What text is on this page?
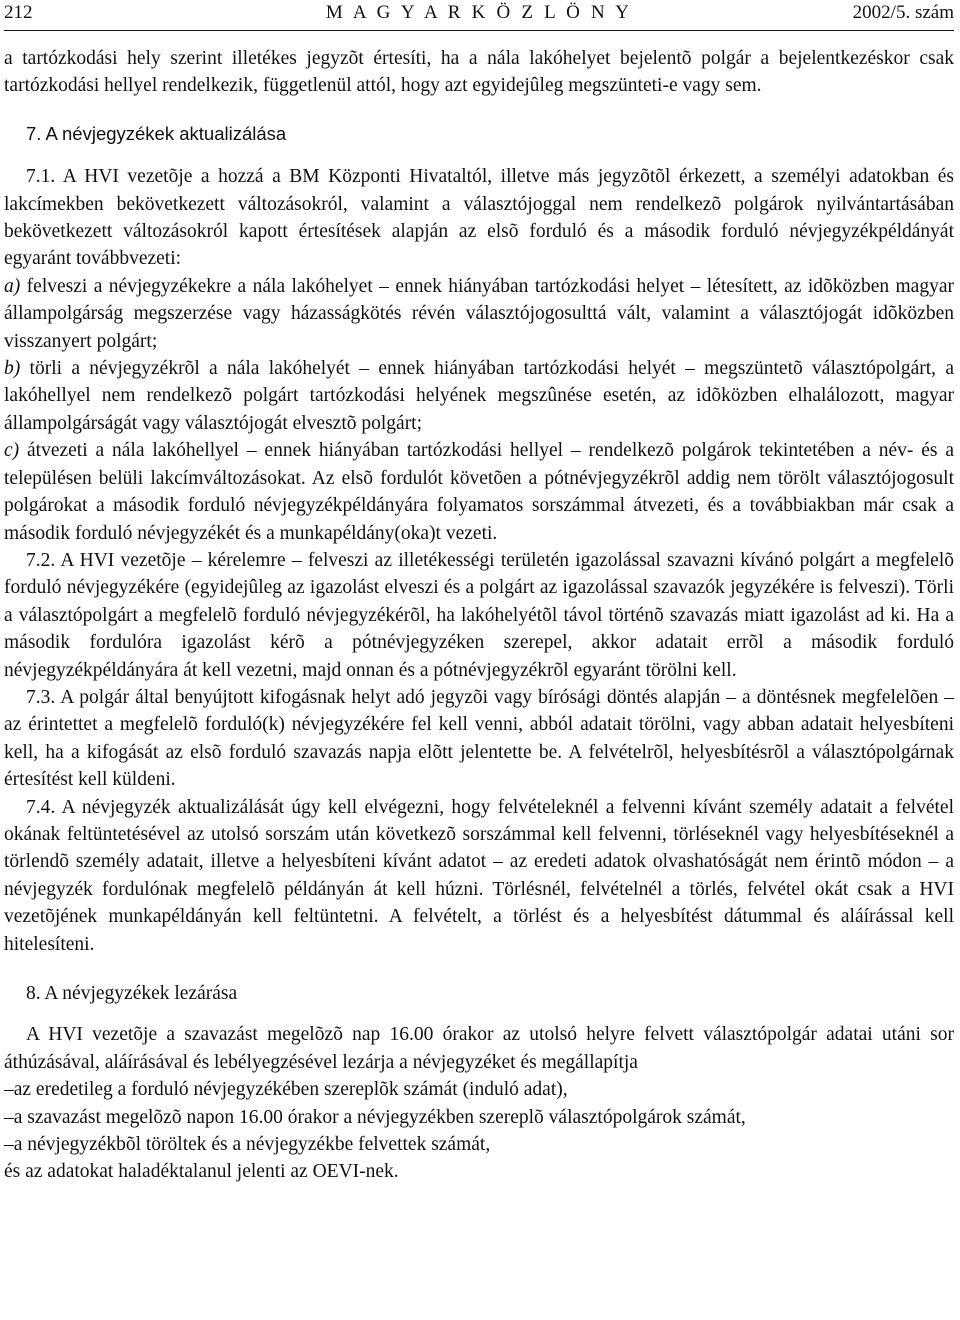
212	M A G Y A R K Ö Z L Ö N Y	2002/5. szám

a tartózkodási hely szerint illetékes jegyzõt értesíti, ha a nála lakóhelyet bejelentõ polgár a bejelentkezéskor csak tartózkodási hellyel rendelkezik, függetlenül attól, hogy azt egyidejûleg megszünteti-e vagy sem.

7. A névjegyzékek aktualizálása

7.1. A HVI vezetõje a hozzá a BM Központi Hivataltól, illetve más jegyzõtõl érkezett, a személyi adatokban és lakcímekben bekövetkezett változásokról, valamint a választójoggal nem rendelkezõ polgárok nyilvántartásában bekövetkezett változásokról kapott értesítések alapján az elsõ forduló és a második forduló névjegyzékpéldányát egyaránt továbbvezeti:

a) felveszi a névjegyzékekre a nála lakóhelyet – ennek hiányában tartózkodási helyet – létesített, az idõközben magyar állampolgárság megszerzése vagy házasságkötés révén választójogosulttá vált, valamint a választójogát idõközben visszanyert polgárt;

b) törli a névjegyzékrõl a nála lakóhelyét – ennek hiányában tartózkodási helyét – megszüntetõ választópolgárt, a lakóhellyel nem rendelkezõ polgárt tartózkodási helyének megszûnése esetén, az idõközben elhalálozott, magyar állampolgárságát vagy választójogát elvesztõ polgárt;

c) átvezeti a nála lakóhellyel – ennek hiányában tartózkodási hellyel – rendelkezõ polgárok tekintetében a név- és a településen belüli lakcímváltozásokat. Az elsõ fordulót követõen a pótnévjegyzékrõl addig nem törölt választójogosult polgárokat a második forduló névjegyzékpéldányára folyamatos sorszámmal átvezeti, és a továbbiakban már csak a második forduló névjegyzékét és a munkapéldány(oka)t vezeti.

7.2. A HVI vezetõje – kérelemre – felveszi az illetékességi területén igazolással szavazni kívánó polgárt a megfelelõ forduló névjegyzékére (egyidejûleg az igazolást elveszi és a polgárt az igazolással szavazók jegyzékére is felveszi). Törli a választópolgárt a megfelelõ forduló névjegyzékérõl, ha lakóhelyétõl távol történõ szavazás miatt igazolást ad ki. Ha a második fordulóra igazolást kérõ a pótnévjegyzéken szerepel, akkor adatait errõl a második forduló névjegyzékpéldányára át kell vezetni, majd onnan és a pótnévjegyzékrõl egyaránt törölni kell.

7.3. A polgár által benyújtott kifogásnak helyt adó jegyzõi vagy bírósági döntés alapján – a döntésnek megfelelõen – az érintettet a megfelelõ forduló(k) névjegyzékére fel kell venni, abból adatait törölni, vagy abban adatait helyesbíteni kell, ha a kifogását az elsõ forduló szavazás napja elõtt jelentette be. A felvételrõl, helyesbítésrõl a választópolgárnak értesítést kell küldeni.

7.4. A névjegyzék aktualizálását úgy kell elvégezni, hogy felvételeknél a felvenni kívánt személy adatait a felvétel okának feltüntetésével az utolsó sorszám után következõ sorszámmal kell felvenni, törléseknél vagy helyesbítéseknél a törlendõ személy adatait, illetve a helyesbíteni kívánt adatot – az eredeti adatok olvashatóságát nem érintõ módon – a névjegyzék fordulónak megfelelõ példányán át kell húzni. Törlésnél, felvételnél a törlés, felvétel okát csak a HVI vezetõjének munkapéldányán kell feltüntetni. A felvételt, a törlést és a helyesbítést dátummal és aláírással kell hitelesíteni.

8. A névjegyzékek lezárása

A HVI vezetõje a szavazást megelõzõ nap 16.00 órakor az utolsó helyre felvett választópolgár adatai utáni sor áthúzásával, aláírásával és lebélyegzésével lezárja a névjegyzéket és megállapítja

–az eredetileg a forduló névjegyzékében szereplõk számát (induló adat),

–a szavazást megelõzõ napon 16.00 órakor a névjegyzékben szereplõ választópolgárok számát,

–a névjegyzékbõl töröltek és a névjegyzékbe felvettek számát,

és az adatokat haladéktalanul jelenti az OEVI-nek.
